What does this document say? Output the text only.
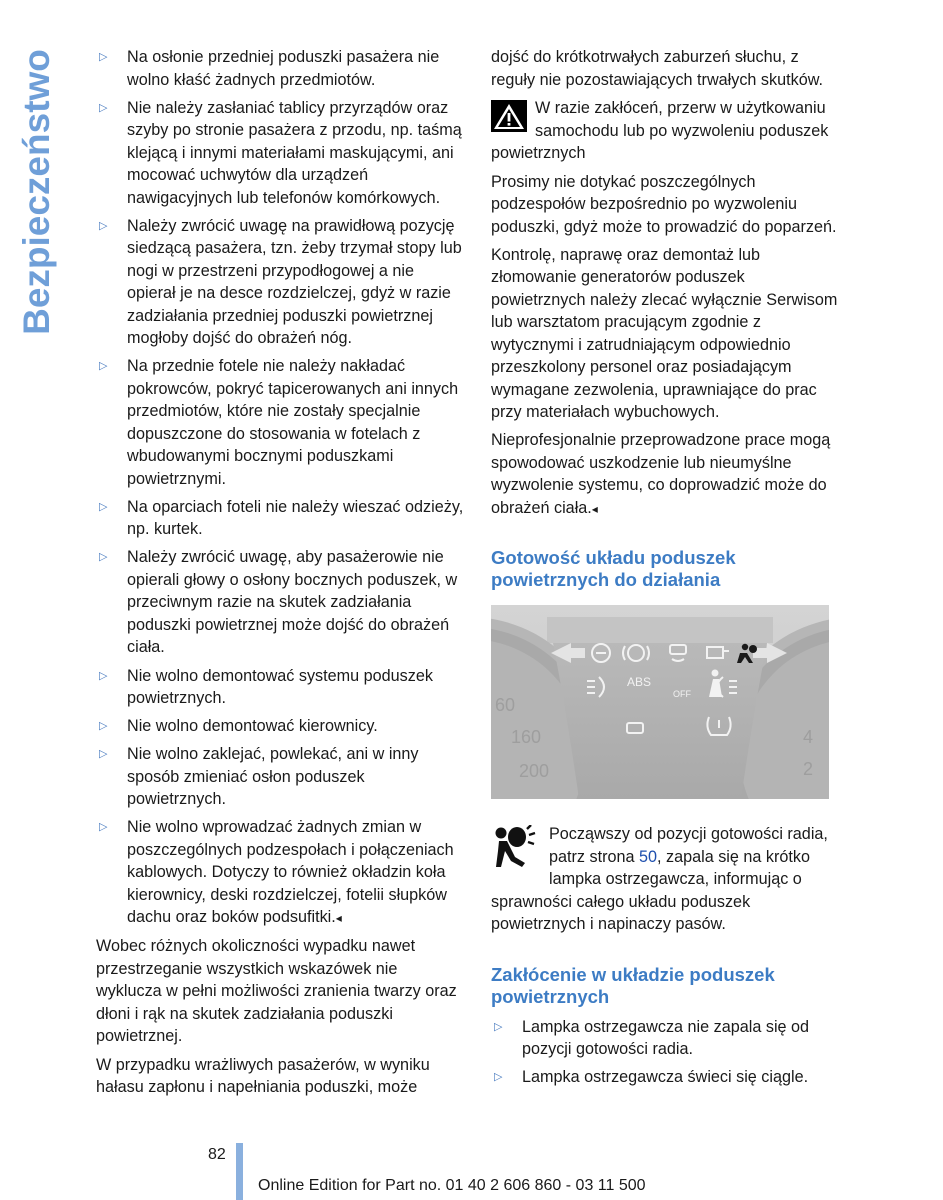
Bezpieczeństwo
▷	Na osłonie przedniej poduszki pasażera nie wolno kłaść żadnych przedmiotów.
▷ Nie należy zasłaniać tablicy przyrządów oraz szyby po stronie pasażera z przodu, np. taśmą klejącą i innymi materiałami maskującymi, ani mocować uchwytów dla urządzeń nawigacyjnych lub telefonów komórkowych.
▷ Należy zwrócić uwagę na prawidłową pozycję siedzącą pasażera, tzn. żeby trzymał stopy lub nogi w przestrzeni przypodłogowej a nie opierał je na desce rozdzielczej, gdyż w razie zadziałania przedniej poduszki powietrznej mogłoby dojść do obrażeń nóg.
▷ Na przednie fotele nie należy nakładać pokrowców, pokryć tapicerowanych ani innych przedmiotów, które nie zostały specjalnie dopuszczone do stosowania w fotelach z wbudowanymi bocznymi poduszkami powietrznymi.
▷ Na oparciach foteli nie należy wieszać odzieży, np. kurtek.
▷ Należy zwrócić uwagę, aby pasażerowie nie opierali głowy o osłony bocznych poduszek, w przeciwnym razie na skutek zadziałania poduszki powietrznej może dojść do obrażeń ciała.
▷ Nie wolno demontować systemu poduszek powietrznych.
▷ Nie wolno demontować kierownicy.
▷ Nie wolno zaklejać, powlekać, ani w inny sposób zmieniać osłon poduszek powietrznych.
▷ Nie wolno wprowadzać żadnych zmian w poszczególnych podzespołach i połączeniach kablowych. Dotyczy to również okładzin koła kierownicy, deski rozdzielczej, fotelii słupków dachu oraz boków podsufitki.◂

Wobec różnych okoliczności wypadku nawet przestrzeganie wszystkich wskazówek nie wyklucza w pełni możliwości zranienia twarzy oraz dłoni i rąk na skutek zadziałania poduszki powietrznej.

W przypadku wrażliwych pasażerów, w wyniku hałasu zapłonu i napełniania poduszki, może

dojść do krótkotrwałych zaburzeń słuchu, z reguły nie pozostawiających trwałych skutków.

W razie zakłóceń, przerw w użytkowaniu samochodu lub po wyzwoleniu poduszek powietrznych

Prosimy nie dotykać poszczególnych podzespołów bezpośrednio po wyzwoleniu poduszki, gdyż może to prowadzić do poparzeń.

Kontrolę, naprawę oraz demontaż lub złomowanie generatorów poduszek powietrznych należy zlecać wyłącznie Serwisom lub warsztatom pracującym zgodnie z wytycznymi i zatrudniającym odpowiednio przeszkolony personel oraz posiadającym wymagane zezwolenia, uprawniające do prac przy materiałach wybuchowych.

Nieprofesjonalnie przeprowadzone prace mogą spowodować uszkodzenie lub nieumyślne wyzwolenie systemu, co doprowadzić może do obrażeń ciała.◂

Gotowość układu poduszek powietrznych do działania
ABS
OFF
60
160
200
4
2
Począwszy od pozycji gotowości radia, patrz strona 50, zapala się na krótko lampka ostrzegawcza, informując o sprawności całego układu poduszek powietrznych i napinaczy pasów.
Zakłócenie w układzie poduszek powietrznych
▷ Lampka ostrzegawcza nie zapala się od pozycji gotowości radia.
▷ Lampka ostrzegawcza świeci się ciągle.
82
Online Edition for Part no. 01 40 2 606 860 - 03 11 500
